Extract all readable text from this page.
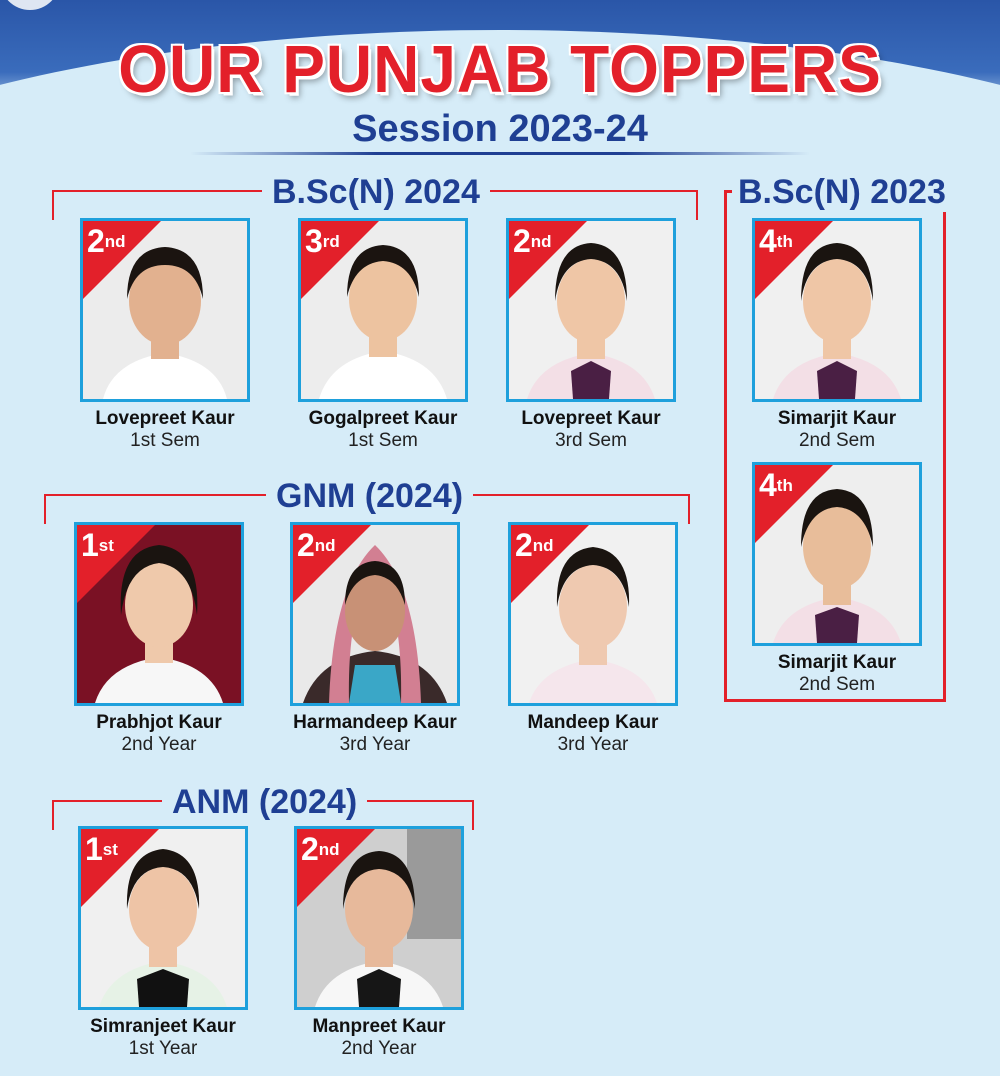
OUR PUNJAB TOPPERS
Session 2023-24
B.Sc(N) 2024	B.Sc(N) 2023
GNM (2024)
ANM (2024)
2nd
Lovepreet Kaur
1st Sem
3rd
Gogalpreet Kaur
1st Sem
2nd
Lovepreet Kaur
3rd Sem
4th
Simarjit Kaur
2nd Sem
4th
Simarjit Kaur
2nd Sem
1st
Prabhjot Kaur
2nd Year
2nd
Harmandeep Kaur
3rd Year
2nd
Mandeep Kaur
3rd Year
1st
Simranjeet Kaur
1st Year
2nd
Manpreet Kaur
2nd Year
